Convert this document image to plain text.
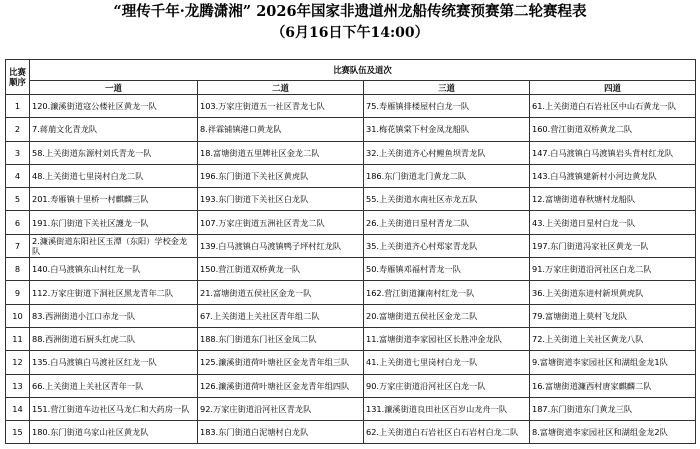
“理传千年·龙腾潇湘” 2026年国家非遗道州龙船传统赛预赛第二轮赛程表
（6月16日下午14:00）
比赛顺序	比赛队伍及道次			
	一道	二道	三道	四道
1	120.濂溪街道寇公楼社区黄龙一队	103.万家庄街道五一社区青龙七队	75.寿雁镇排楼屋村白龙一队	61.上关街道白石岩社区中山石黄龙一队
2	7.蒋萠文化青龙队	8.祥霖铺镇港口黄龙队	31.梅花镇棠下村金凤龙船队	160.营江街道双桥黄龙二队
3	58.上关街道东源村刘氏青龙一队	18.富塘街道五里牌社区金龙二队	32.上关街道齐心村鲤鱼坝青龙队	147.白马渡镇白马渡镇岩头背村红龙队
4	48.上关街道七里岗村白龙二队	196.东门街道下关社区黄虎队	186.东门街道北门黄龙二队	143.白马渡镇建新村小河边黄龙队
5	201.寿雁镇十里桥一村麒麟三队	193.东门街道下关社区白龙队	55.上关街道水南社区赤龙五队	12.富塘街道春秋塘村龙船队
6	191.东门街道下关社区護龙一队	107.万家庄街道五洲社区青龙二队	26.上关街道日星村青龙二队	43.上关街道日星村白龙一队
7	2.濂溪街道东阳社区玉潭（东阳）学校金龙队	139.白马渡镇白马渡镇鸭子坪村红龙队	35.上关街道齐心村郑家青龙队	197.东门街道冯家社区黄龙一队
8	140.白马渡镇东山村红龙一队	150.营江街道双桥黄龙一队	50.寿雁镇邓福村青龙一队	91.万家庄街道沿河社区白龙二队
9	112.万家庄街道下洞社区黑龙青年二队	21.富塘街道五侯社区金龙一队	162.营江街道濂南村红龙一队	36.上关街道东进村新坝黄虎队
10	83.西洲街道小江口赤龙一队	67.上关街道上关社区青年组二队	20.富塘街道五侯社区金龙二队	79.富塘街道上莫村飞龙队
11	88.西洲街道石厨头红虎二队	188.东门街道东门社区金凤二队	11.富塘街道李家园社区长胜冲金龙队	72.上关街道上关社区黄龙八队
12	135.白马渡镇白马渡社区红龙一队	125.濂溪街道荷叶塘社区金龙青年组三队	41.上关街道七里岗村白龙一队	9.富塘街道李家园社区和湖组金龙1队
13	66.上关街道上关社区青年一队	126.濂溪街道荷叶塘社区金龙青年组四队	90.万家庄街道沿河社区白龙一队	16.富塘街道濂西村唐家麒麟二队
14	151.营江街道车边社区马龙仁和大药房一队	92.万家庄街道沿河社区青龙队	131.濂溪街道良田社区百岁山龙舟一队	187.东门街道东门黄龙三队
15	180.东门街道乌家山社区黄龙队	183.东门街道白泥塘村白龙队	62.上关街道白石岩社区白石岩村白龙二队	8.富塘街道李家园社区和湖组金龙2队
